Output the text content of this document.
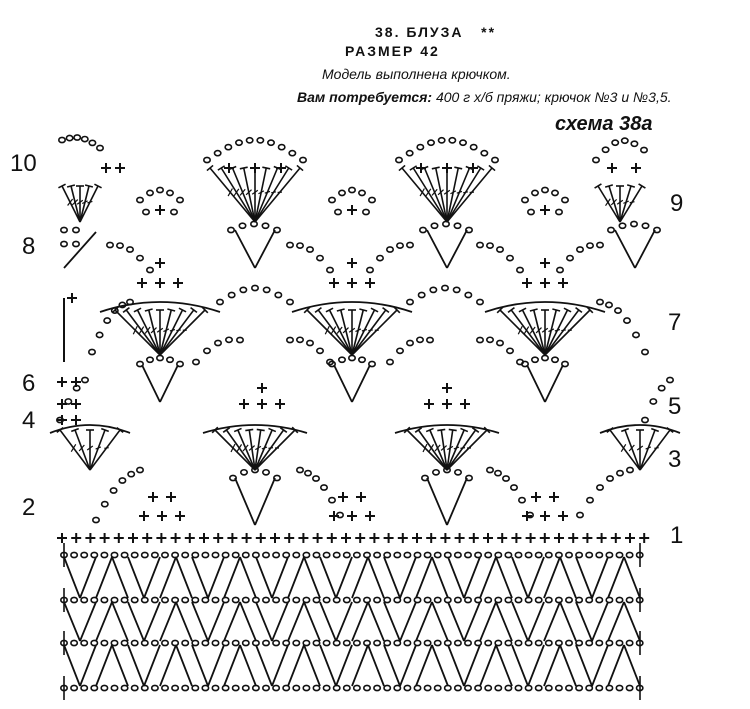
38. БЛУЗА **
РАЗМЕР 42
Модель выполнена крючком.
Вам потребуется: 400 г х/б пряжи; крючок №3 и №3,5.
схема 38а
10
9
8
7
6
5
4
3
2
1
